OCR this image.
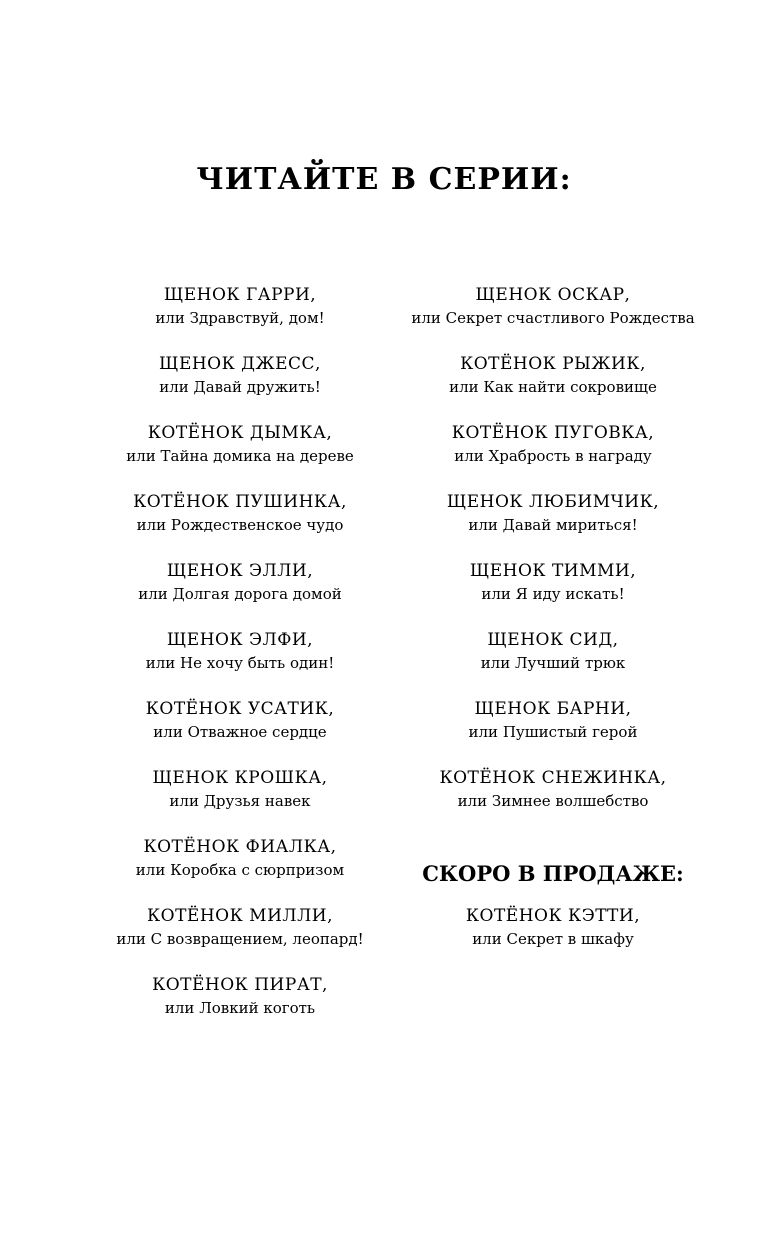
ЧИТАЙТЕ В СЕРИИ:
ЩЕНОК ГАРРИ,
или Здравствуй, дом!
ЩЕНОК ДЖЕСС,
или Давай дружить!
КОТЁНОК ДЫМКА,
или Тайна домика на дереве
КОТЁНОК ПУШИНКА,
или Рождественское чудо
ЩЕНОК ЭЛЛИ,
или Долгая дорога домой
ЩЕНОК ЭЛФИ,
или Не хочу быть один!
КОТЁНОК УСАТИК,
или Отважное сердце
ЩЕНОК КРОШКА,
или Друзья навек
КОТЁНОК ФИАЛКА,
или Коробка с сюрпризом
КОТЁНОК МИЛЛИ,
или С возвращением, леопард!
КОТЁНОК ПИРАТ,
или Ловкий коготь
ЩЕНОК ОСКАР,
или Секрет счастливого Рождества
КОТЁНОК РЫЖИК,
или Как найти сокровище
КОТЁНОК ПУГОВКА,
или Храбрость в награду
ЩЕНОК ЛЮБИМЧИК,
или Давай мириться!
ЩЕНОК ТИММИ,
или Я иду искать!
ЩЕНОК СИД,
или Лучший трюк
ЩЕНОК БАРНИ,
или Пушистый герой
КОТЁНОК СНЕЖИНКА,
или Зимнее волшебство
СКОРО В ПРОДАЖЕ:
КОТЁНОК КЭТТИ,
или Секрет в шкафу
